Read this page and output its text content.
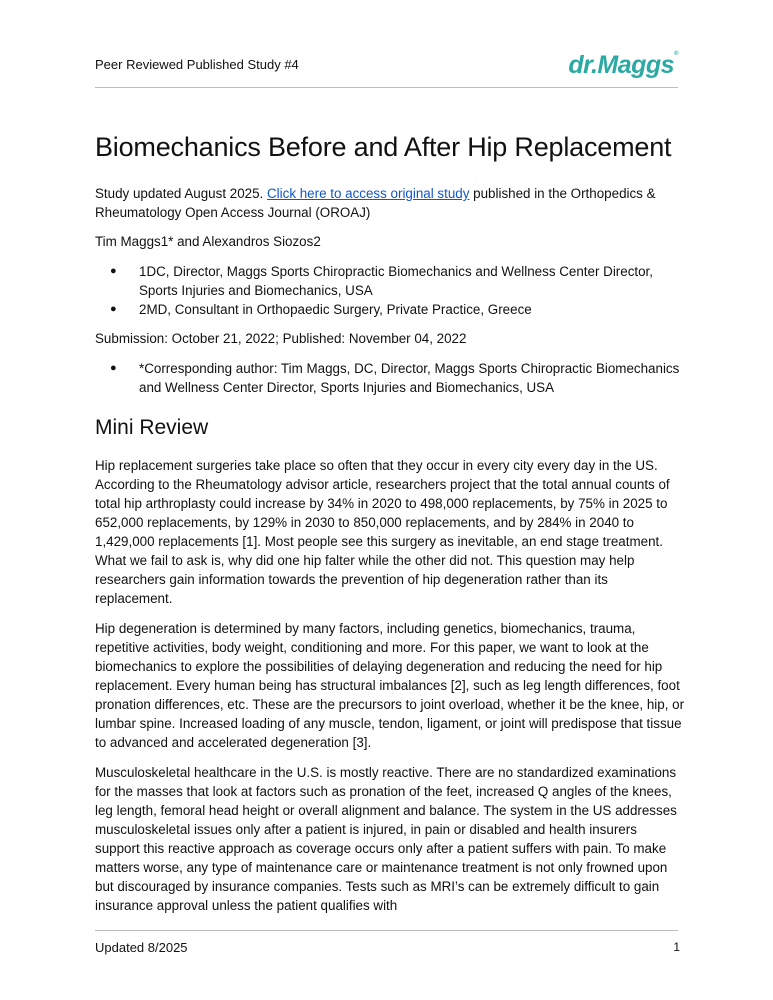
Peer Reviewed Published Study #4	dr.Maggs®
Biomechanics Before and After Hip Replacement

Study updated August 2025. Click here to access original study published in the Orthopedics & Rheumatology Open Access Journal (OROAJ)

Tim Maggs1* and Alexandros Siozos2

● 1DC, Director, Maggs Sports Chiropractic Biomechanics and Wellness Center Director, Sports Injuries and Biomechanics, USA
● 2MD, Consultant in Orthopaedic Surgery, Private Practice, Greece

Submission: October 21, 2022; Published: November 04, 2022

● *Corresponding author: Tim Maggs, DC, Director, Maggs Sports Chiropractic Biomechanics and Wellness Center Director, Sports Injuries and Biomechanics, USA
Mini Review

Hip replacement surgeries take place so often that they occur in every city every day in the US. According to the Rheumatology advisor article, researchers project that the total annual counts of total hip arthroplasty could increase by 34% in 2020 to 498,000 replacements, by 75% in 2025 to 652,000 replacements, by 129% in 2030 to 850,000 replacements, and by 284% in 2040 to 1,429,000 replacements [1]. Most people see this surgery as inevitable, an end stage treatment. What we fail to ask is, why did one hip falter while the other did not. This question may help researchers gain information towards the prevention of hip degeneration rather than its replacement.

Hip degeneration is determined by many factors, including genetics, biomechanics, trauma, repetitive activities, body weight, conditioning and more. For this paper, we want to look at the biomechanics to explore the possibilities of delaying degeneration and reducing the need for hip replacement. Every human being has structural imbalances [2], such as leg length differences, foot pronation differences, etc. These are the precursors to joint overload, whether it be the knee, hip, or lumbar spine. Increased loading of any muscle, tendon, ligament, or joint will predispose that tissue to advanced and accelerated degeneration [3].

Musculoskeletal healthcare in the U.S. is mostly reactive. There are no standardized examinations for the masses that look at factors such as pronation of the feet, increased Q angles of the knees, leg length, femoral head height or overall alignment and balance. The system in the US addresses musculoskeletal issues only after a patient is injured, in pain or disabled and health insurers support this reactive approach as coverage occurs only after a patient suffers with pain. To make matters worse, any type of maintenance care or maintenance treatment is not only frowned upon but discouraged by insurance companies. Tests such as MRI’s can be extremely difficult to gain insurance approval unless the patient qualifies with

Updated 8/2025	1
